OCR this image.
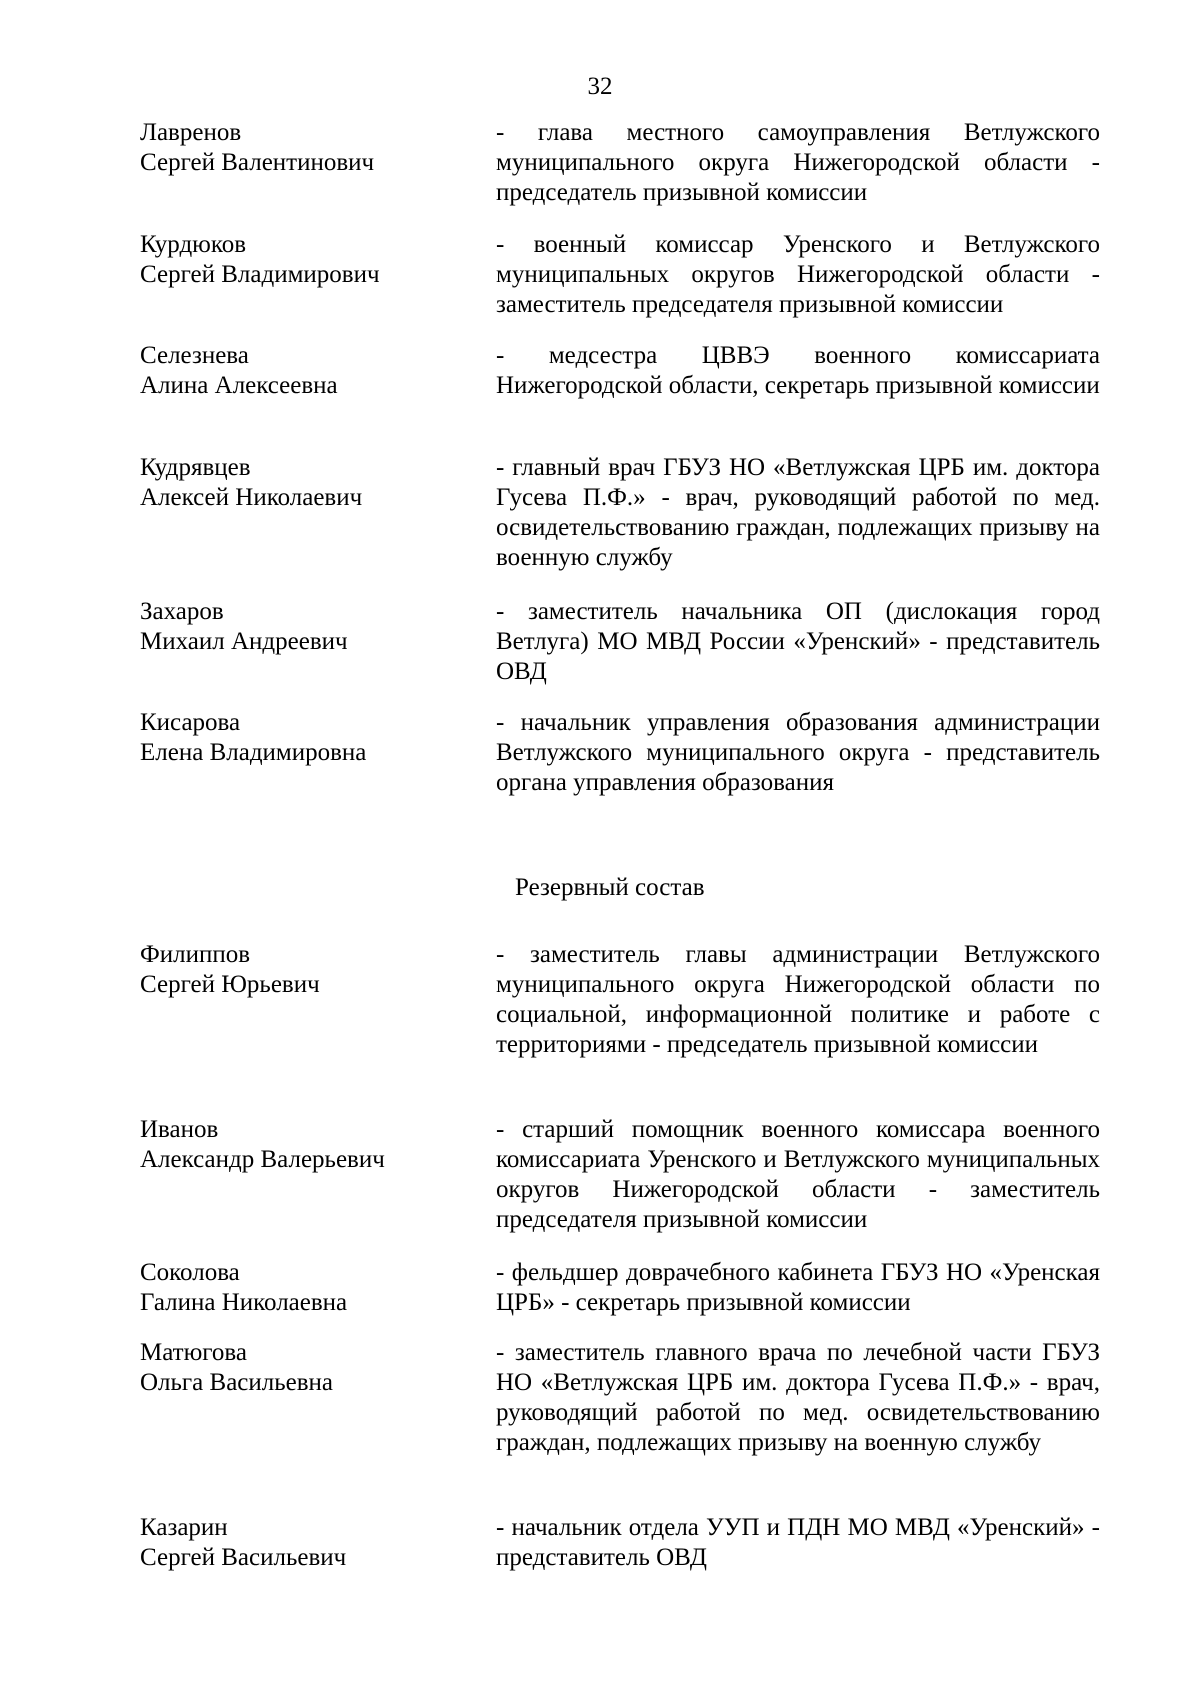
32
Лавренов
Сергей Валентинович
- глава местного самоуправления Ветлужского муниципального округа Нижегородской области - председатель призывной комиссии
Курдюков
Сергей Владимирович
- военный комиссар Уренского и Ветлужского муниципальных округов Нижегородской области - заместитель председателя призывной комиссии
Селезнева
Алина Алексеевна
- медсестра ЦВВЭ военного комиссариата Нижегородской области, секретарь призывной комиссии
Кудрявцев
Алексей Николаевич
- главный врач ГБУЗ НО «Ветлужская ЦРБ им. доктора Гусева П.Ф.» - врач, руководящий работой по мед. освидетельствованию граждан, подлежащих призыву на военную службу
Захаров
Михаил Андреевич
- заместитель начальника ОП (дислокация город Ветлуга) МО МВД России «Уренский» - представитель ОВД
Кисарова
Елена Владимировна
- начальник управления образования администрации Ветлужского муниципального округа - представитель органа управления образования
Резервный состав
Филиппов
Сергей Юрьевич
- заместитель главы администрации Ветлужского муниципального округа Нижегородской области по социальной, информационной политике и работе с территориями - председатель призывной комиссии
Иванов
Александр Валерьевич
- старший помощник военного комиссара военного комиссариата Уренского и Ветлужского муниципальных округов Нижегородской области - заместитель председателя призывной комиссии
Соколова
Галина Николаевна
- фельдшер доврачебного кабинета ГБУЗ НО «Уренская ЦРБ» - секретарь призывной комиссии
Матюгова
Ольга Васильевна
- заместитель главного врача по лечебной части ГБУЗ НО «Ветлужская ЦРБ им. доктора Гусева П.Ф.» - врач, руководящий работой по мед. освидетельствованию граждан, подлежащих призыву на военную службу
Казарин
Сергей Васильевич
- начальник отдела УУП и ПДН МО МВД «Уренский» - представитель ОВД
